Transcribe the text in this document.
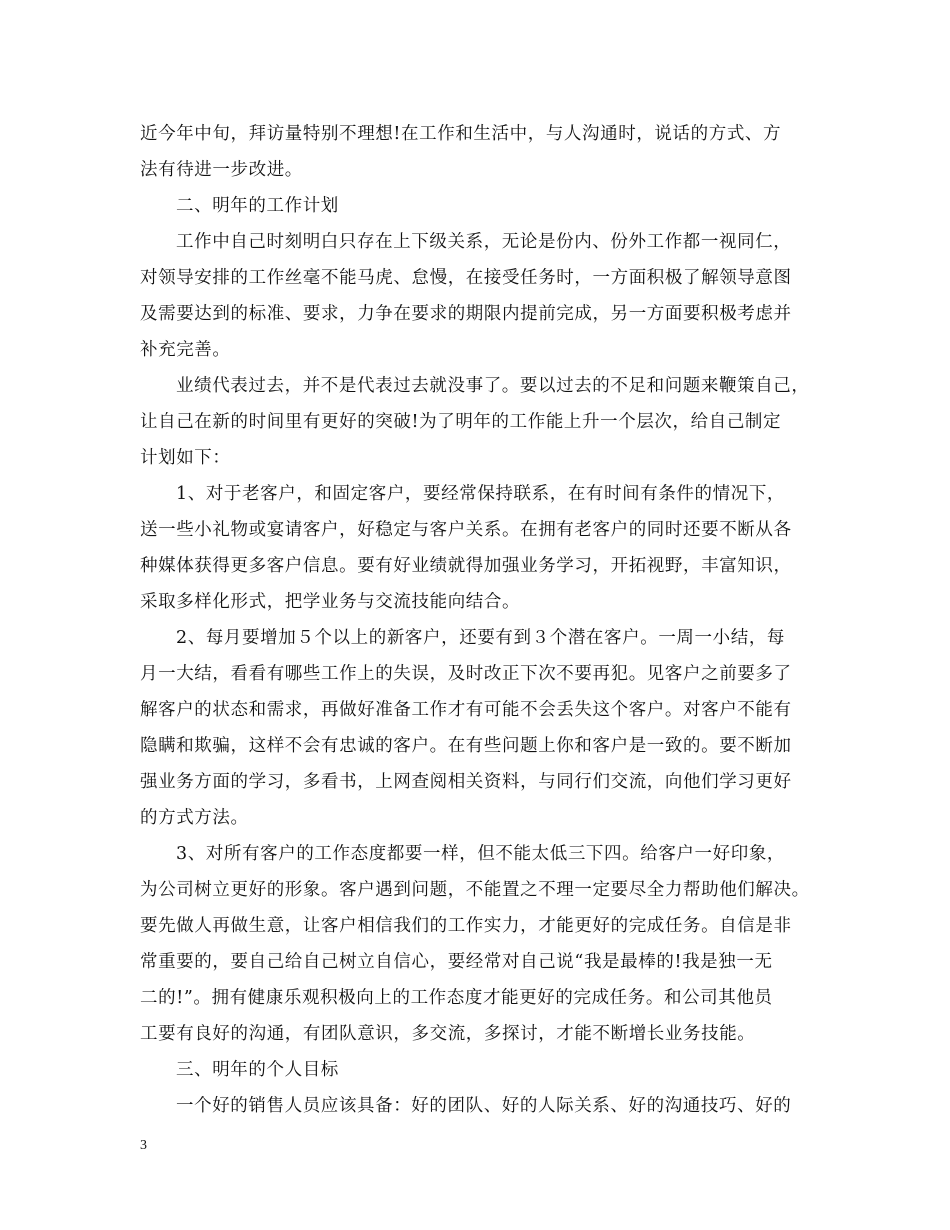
近今年中旬，拜访量特别不理想!在工作和生活中，与人沟通时，说话的方式、方
法有待进一步改进。
二、明年的工作计划
工作中自己时刻明白只存在上下级关系，无论是份内、份外工作都一视同仁，
对领导安排的工作丝毫不能马虎、怠慢，在接受任务时，一方面积极了解领导意图
及需要达到的标准、要求，力争在要求的期限内提前完成，另一方面要积极考虑并
补充完善。
业绩代表过去，并不是代表过去就没事了。要以过去的不足和问题来鞭策自己，
让自己在新的时间里有更好的突破!为了明年的工作能上升一个层次，给自己制定
计划如下：
1、对于老客户，和固定客户，要经常保持联系，在有时间有条件的情况下，
送一些小礼物或宴请客户，好稳定与客户关系。在拥有老客户的同时还要不断从各
种媒体获得更多客户信息。要有好业绩就得加强业务学习，开拓视野，丰富知识，
采取多样化形式，把学业务与交流技能向结合。
2、每月要增加５个以上的新客户，还要有到３个潜在客户。一周一小结，每
月一大结，看看有哪些工作上的失误，及时改正下次不要再犯。见客户之前要多了
解客户的状态和需求，再做好准备工作才有可能不会丢失这个客户。对客户不能有
隐瞒和欺骗，这样不会有忠诚的客户。在有些问题上你和客户是一致的。要不断加
强业务方面的学习，多看书，上网查阅相关资料，与同行们交流，向他们学习更好
的方式方法。
3、对所有客户的工作态度都要一样，但不能太低三下四。给客户一好印象，
为公司树立更好的形象。客户遇到问题，不能置之不理一定要尽全力帮助他们解决。
要先做人再做生意，让客户相信我们的工作实力，才能更好的完成任务。自信是非
常重要的，要自己给自己树立自信心，要经常对自己说“我是最棒的!我是独一无
二的!”。拥有健康乐观积极向上的工作态度才能更好的完成任务。和公司其他员
工要有良好的沟通，有团队意识，多交流，多探讨，才能不断增长业务技能。
三、明年的个人目标
一个好的销售人员应该具备：好的团队、好的人际关系、好的沟通技巧、好的
3
